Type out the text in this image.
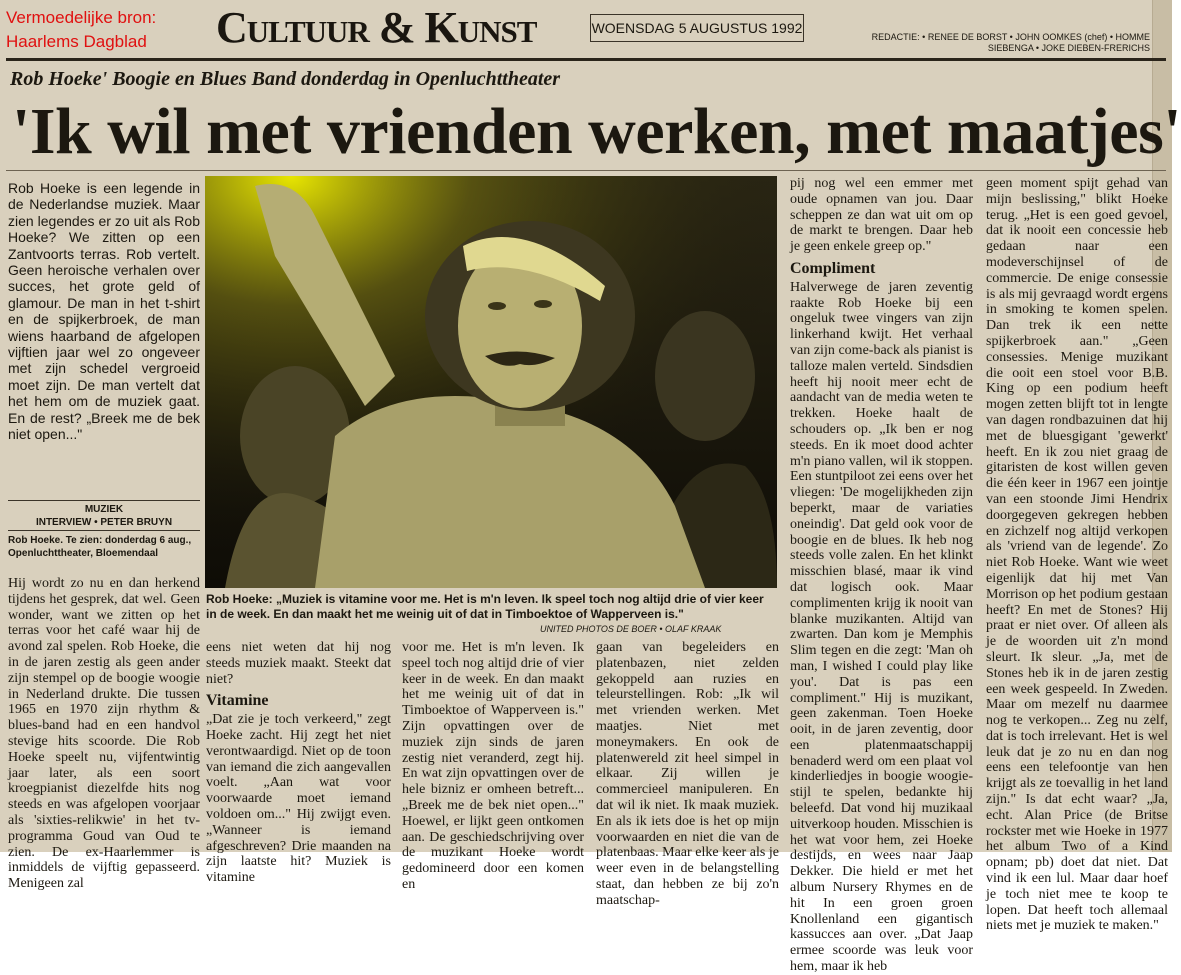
Cultuur & Kunst	WOENSDAG 5 AUGUSTUS 1992
REDACTIE: • RENEE DE BORST • JOHN OOMKES (chef) • HOMME SIEBENGA • JOKE DIEBEN-FRERICHS
Rob Hoeke' Boogie en Blues Band donderdag in Openluchttheater
'Ik wil met vrienden werken, met maatjes'
Rob Hoeke is een legende in de Nederlandse muziek. Maar zien legendes er zo uit als Rob Hoeke? We zitten op een Zantvoorts terras. Rob vertelt. Geen heroische verhalen over succes, het grote geld of glamour. De man in het t-shirt en de spijkerbroek, de man wiens haarband de afgelopen vijftien jaar wel zo ongeveer met zijn schedel vergroeid moet zijn. De man vertelt dat het hem om de muziek gaat. En de rest? „Breek me de bek niet open..."
MUZIEK
INTERVIEW • PETER BRUYN
Rob Hoeke. Te zien: donderdag 6 aug., Openluchttheater, Bloemendaal
Rob Hoeke: „Muziek is vitamine voor me. Het is m'n leven. Ik speel toch nog altijd drie of vier keer in de week. En dan maakt het me weinig uit of dat in Timboektoe of Wapperveen is."
UNITED PHOTOS DE BOER • OLAF KRAAK

Hij wordt zo nu en dan herkend tijdens het gesprek, dat wel. Geen wonder, want we zitten op het terras voor het café waar hij de avond zal spelen. Rob Hoeke, die in de jaren zestig als geen ander zijn stempel op de boogie woogie in Nederland drukte. Die tussen 1965 en 1970 zijn rhythm & blues-band had en een handvol stevige hits scoorde. Die Rob Hoeke speelt nu, vijfentwintig jaar later, als een soort kroegpianist diezelfde hits nog steeds en was afgelopen voorjaar als 'sixties-relikwie' in het tv-programma Goud van Oud te zien. De ex-Haarlemmer is inmiddels de vijftig gepasseerd. Menigeen zal

eens niet weten dat hij nog steeds muziek maakt. Steekt dat niet?

Vitamine

„Dat zie je toch verkeerd," zegt Hoeke zacht. Hij zegt het niet verontwaardigd. Niet op de toon van iemand die zich aangevallen voelt. „Aan wat voor voorwaarde moet iemand voldoen om..." Hij zwijgt even. „Wanneer is iemand afgeschreven? Drie maanden na zijn laatste hit? Muziek is vitamine

voor me. Het is m'n leven. Ik speel toch nog altijd drie of vier keer in de week. En dan maakt het me weinig uit of dat in Timboektoe of Wapperveen is." Zijn opvattingen over de muziek zijn sinds de jaren zestig niet veranderd, zegt hij. En wat zijn opvattingen over de hele bizniz er omheen betreft... „Breek me de bek niet open..." Hoewel, er lijkt geen ontkomen aan. De geschiedschrijving over de muzikant Hoeke wordt gedomineerd door een komen en

gaan van begeleiders en platenbazen, niet zelden gekoppeld aan ruzies en teleurstellingen. Rob: „Ik wil met vrienden werken. Met maatjes. Niet met moneymakers. En ook de platenwereld zit heel simpel in elkaar. Zij willen je commercieel manipuleren. En dat wil ik niet. Ik maak muziek. En als ik iets doe is het op mijn voorwaarden en niet die van de platenbaas. Maar elke keer als je weer even in de belangstelling staat, dan hebben ze bij zo'n maatschap-

pij nog wel een emmer met oude opnamen van jou. Daar scheppen ze dan wat uit om op de markt te brengen. Daar heb je geen enkele greep op."

Compliment

Halverwege de jaren zeventig raakte Rob Hoeke bij een ongeluk twee vingers van zijn linkerhand kwijt. Het verhaal van zijn come-back als pianist is talloze malen verteld. Sindsdien heeft hij nooit meer echt de aandacht van de media weten te trekken. Hoeke haalt de schouders op. „Ik ben er nog steeds. En ik moet dood achter m'n piano vallen, wil ik stoppen. Een stuntpiloot zei eens over het vliegen: 'De mogelijkheden zijn beperkt, maar de variaties oneindig'. Dat geld ook voor de boogie en de blues. Ik heb nog steeds volle zalen. En het klinkt misschien blasé, maar ik vind dat logisch ook. Maar complimenten krijg ik nooit van blanke muzikanten. Altijd van zwarten. Dan kom je Memphis Slim tegen en die zegt: 'Man oh man, I wished I could play like you'. Dat is pas een compliment." Hij is muzikant, geen zakenman. Toen Hoeke ooit, in de jaren zeventig, door een platenmaatschappij benaderd werd om een plaat vol kinderliedjes in boogie woogie-stijl te spelen, bedankte hij beleefd. Dat vond hij muzikaal uitverkoop houden. Misschien is het wat voor hem, zei Hoeke destijds, en wees naar Jaap Dekker. Die hield er met het album Nursery Rhymes en de hit In een groen groen Knollenland een gigantisch kassucces aan over. „Dat Jaap ermee scoorde was leuk voor hem, maar ik heb

geen moment spijt gehad van mijn beslissing," blikt Hoeke terug. „Het is een goed gevoel, dat ik nooit een concessie heb gedaan naar een modeverschijnsel of de commercie. De enige consessie is als mij gevraagd wordt ergens in smoking te komen spelen. Dan trek ik een nette spijkerbroek aan." „Geen consessies. Menige muzikant die ooit een stoel voor B.B. King op een podium heeft mogen zetten blijft tot in lengte van dagen rondbazuinen dat hij met de bluesgigant 'gewerkt' heeft. En ik zou niet graag de gitaristen de kost willen geven die één keer in 1967 een jointje van een stoonde Jimi Hendrix doorgegeven gekregen hebben en zichzelf nog altijd verkopen als 'vriend van de legende'. Zo niet Rob Hoeke. Want wie weet eigenlijk dat hij met Van Morrison op het podium gestaan heeft? En met de Stones? Hij praat er niet over. Of alleen als je de woorden uit z'n mond sleurt. Ik sleur. „Ja, met de Stones heb ik in de jaren zestig een week gespeeld. In Zweden. Maar om mezelf nu daarmee nog te verkopen... Zeg nu zelf, dat is toch irrelevant. Het is wel leuk dat je zo nu en dan nog eens een telefoontje van hen krijgt als ze toevallig in het land zijn." Is dat echt waar? „Ja, echt. Alan Price (de Britse rockster met wie Hoeke in 1977 het album Two of a Kind opnam; pb) doet dat niet. Dat vind ik een lul. Maar daar hoef je toch niet mee te koop te lopen. Dat heeft toch allemaal niets met je muziek te maken."

Vermoedelijke bron: Haarlems Dagblad
